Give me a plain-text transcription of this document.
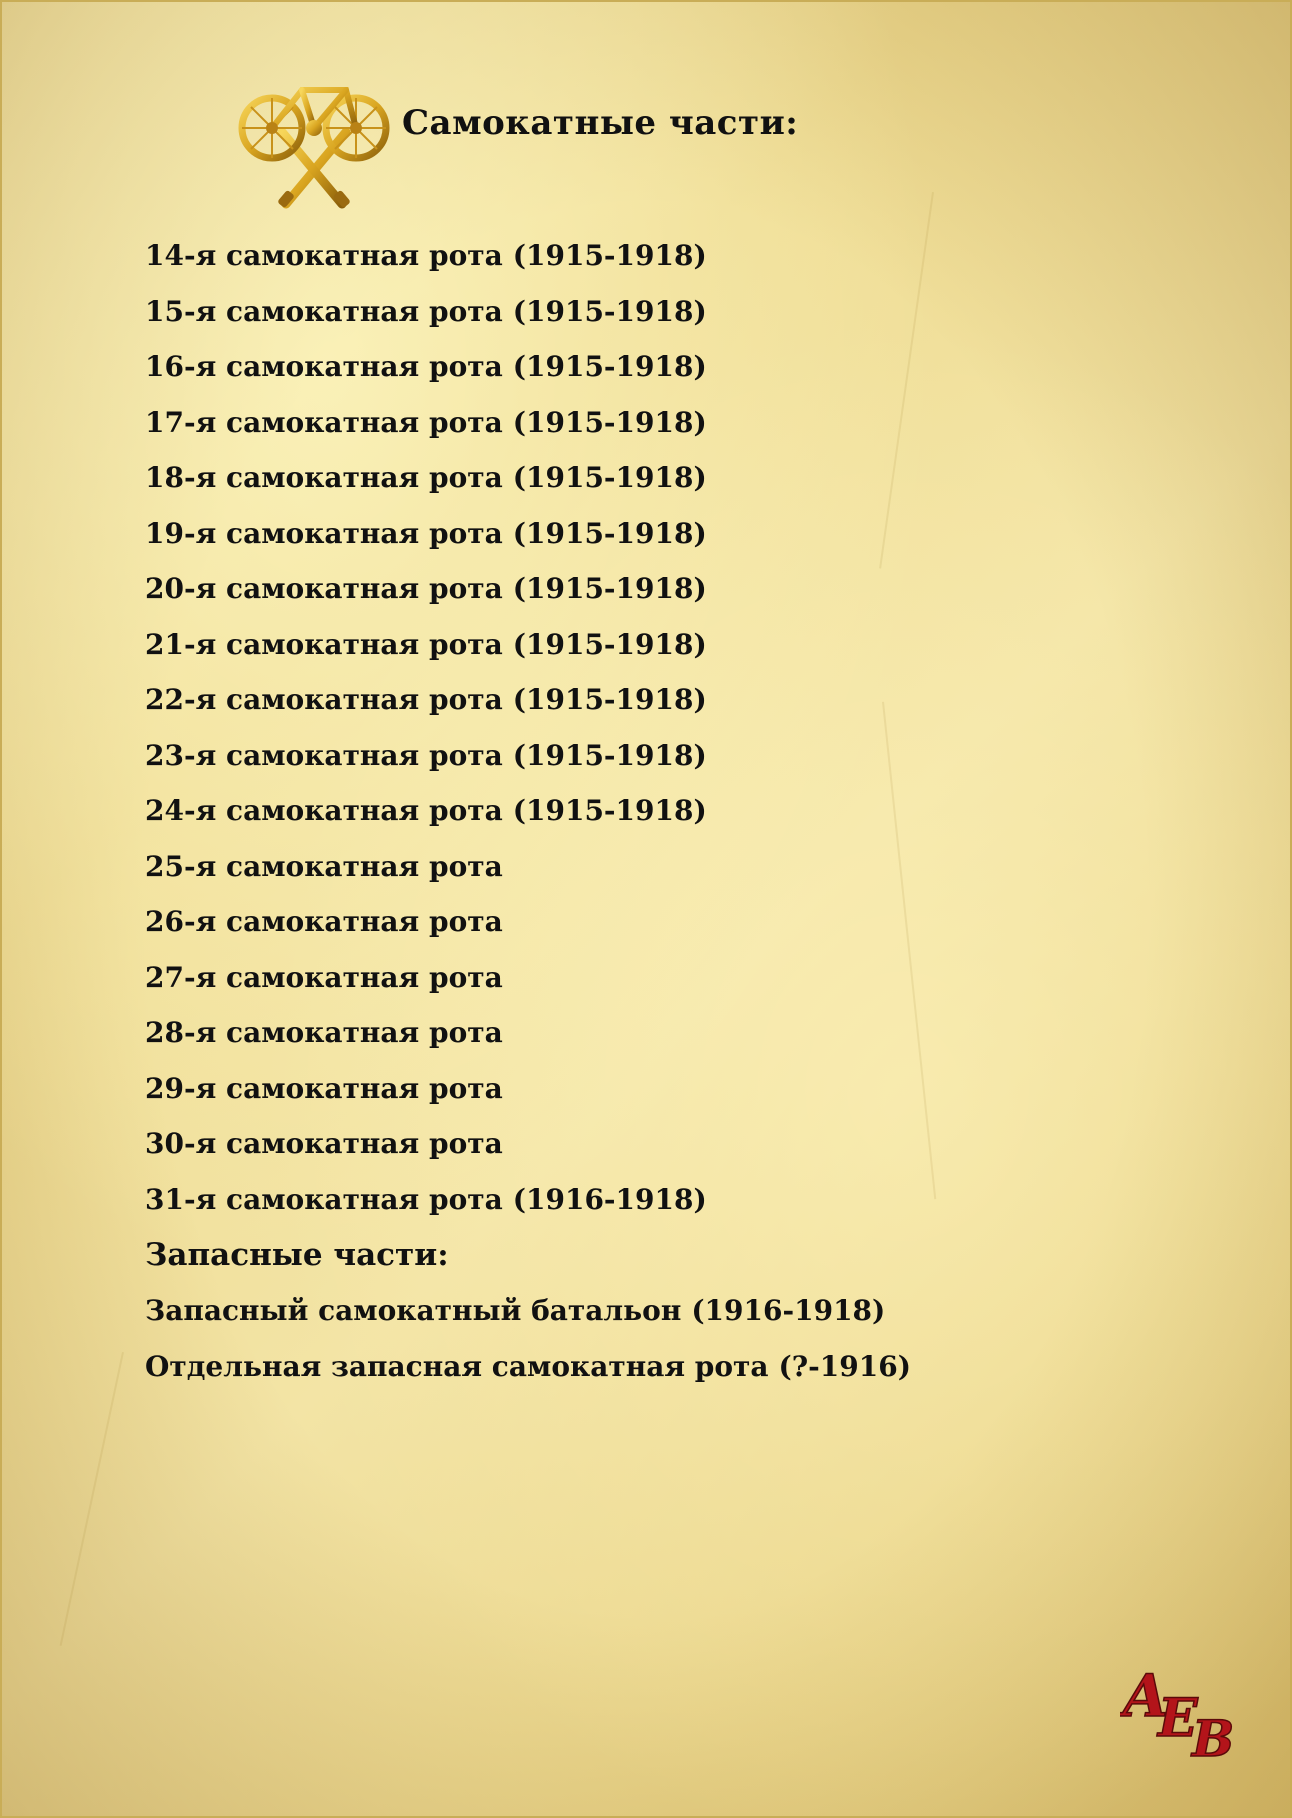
Самокатные части:
14-я самокатная рота (1915-1918)
15-я самокатная рота (1915-1918)
16-я самокатная рота (1915-1918)
17-я самокатная рота (1915-1918)
18-я самокатная рота (1915-1918)
19-я самокатная рота (1915-1918)
20-я самокатная рота (1915-1918)
21-я самокатная рота (1915-1918)
22-я самокатная рота (1915-1918)
23-я самокатная рота (1915-1918)
24-я самокатная рота (1915-1918)
25-я самокатная рота
26-я самокатная рота
27-я самокатная рота
28-я самокатная рота
29-я самокатная рота
30-я самокатная рота
31-я самокатная рота (1916-1918)
Запасные части:
Запасный самокатный батальон (1916-1918)
Отдельная запасная самокатная рота (?-1916)
А
Е
В
